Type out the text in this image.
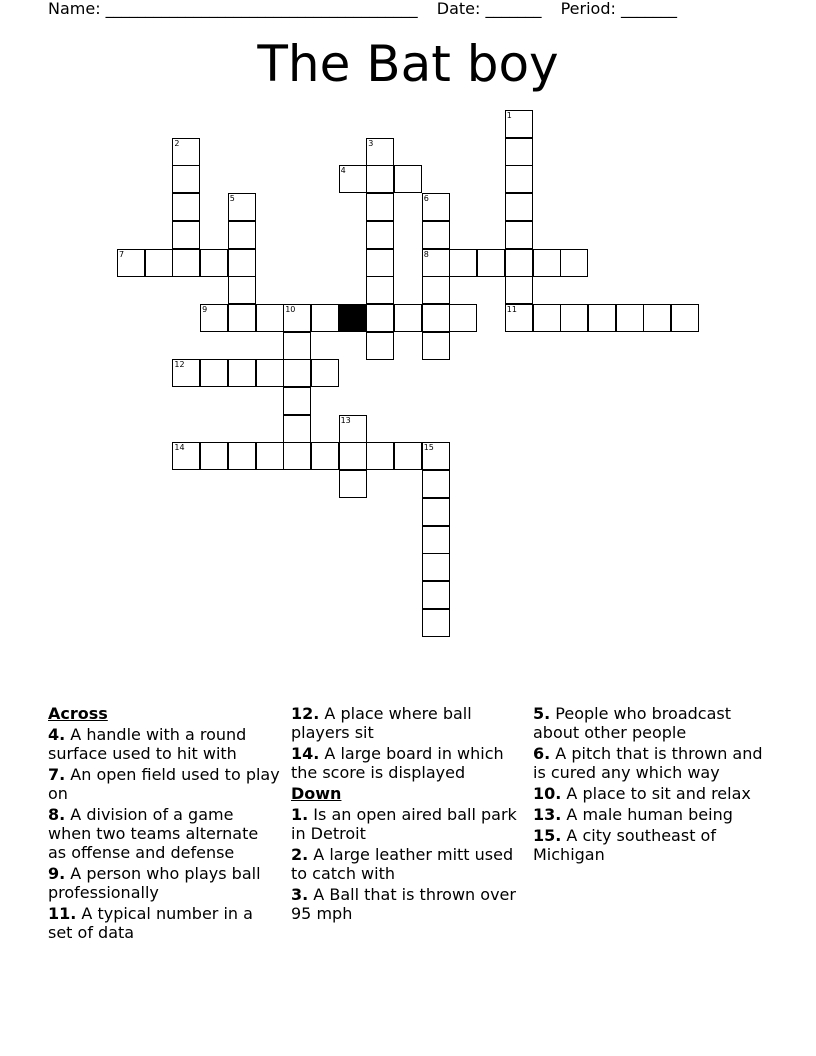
Name: _______________________________________ Date: _______ Period: _______
The Bat boy
1
11
2	3
4
5	6
8
7
9	10
12
13
14	15
Across
4. A handle with a round surface used to hit with
7. An open field used to play on
8. A division of a game when two teams alternate as offense and defense
9. A person who plays ball professionally
11. A typical number in a set of data
12. A place where ball players sit
14. A large board in which the score is displayed
Down
1. Is an open aired ball park in Detroit
2. A large leather mitt used to catch with
3. A Ball that is thrown over 95 mph
5. People who broadcast about other people
6. A pitch that is thrown and is cured any which way
10. A place to sit and relax
13. A male human being
15. A city southeast of Michigan
